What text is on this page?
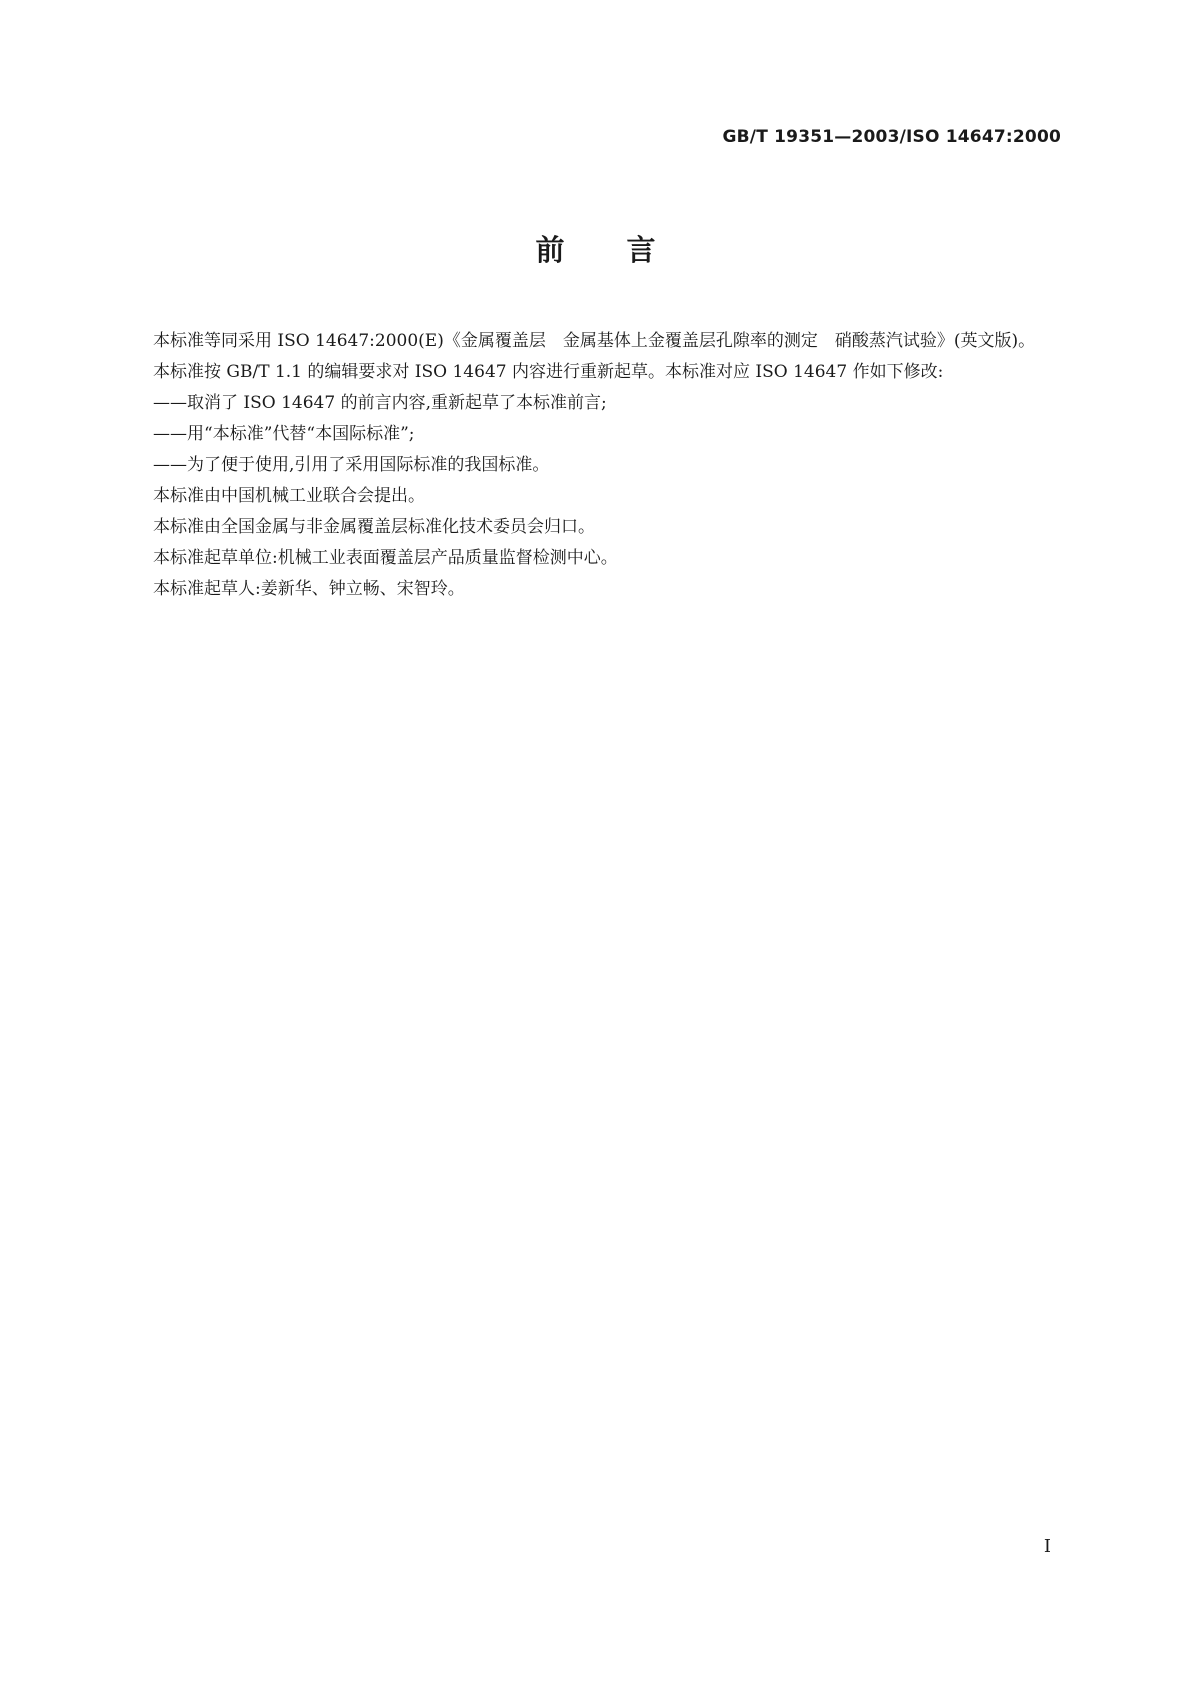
GB/T 19351—2003/ISO 14647:2000
前言

本标准等同采用 ISO 14647:2000(E)《金属覆盖层　金属基体上金覆盖层孔隙率的测定　硝酸蒸汽试验》(英文版)。

本标准按 GB/T 1.1 的编辑要求对 ISO 14647 内容进行重新起草。本标准对应 ISO 14647 作如下修改:

——取消了 ISO 14647 的前言内容,重新起草了本标准前言;

——用“本标准”代替“本国际标准”;

——为了便于使用,引用了采用国际标准的我国标准。

本标准由中国机械工业联合会提出。

本标准由全国金属与非金属覆盖层标准化技术委员会归口。

本标准起草单位:机械工业表面覆盖层产品质量监督检测中心。

本标准起草人:姜新华、钟立畅、宋智玲。

I
